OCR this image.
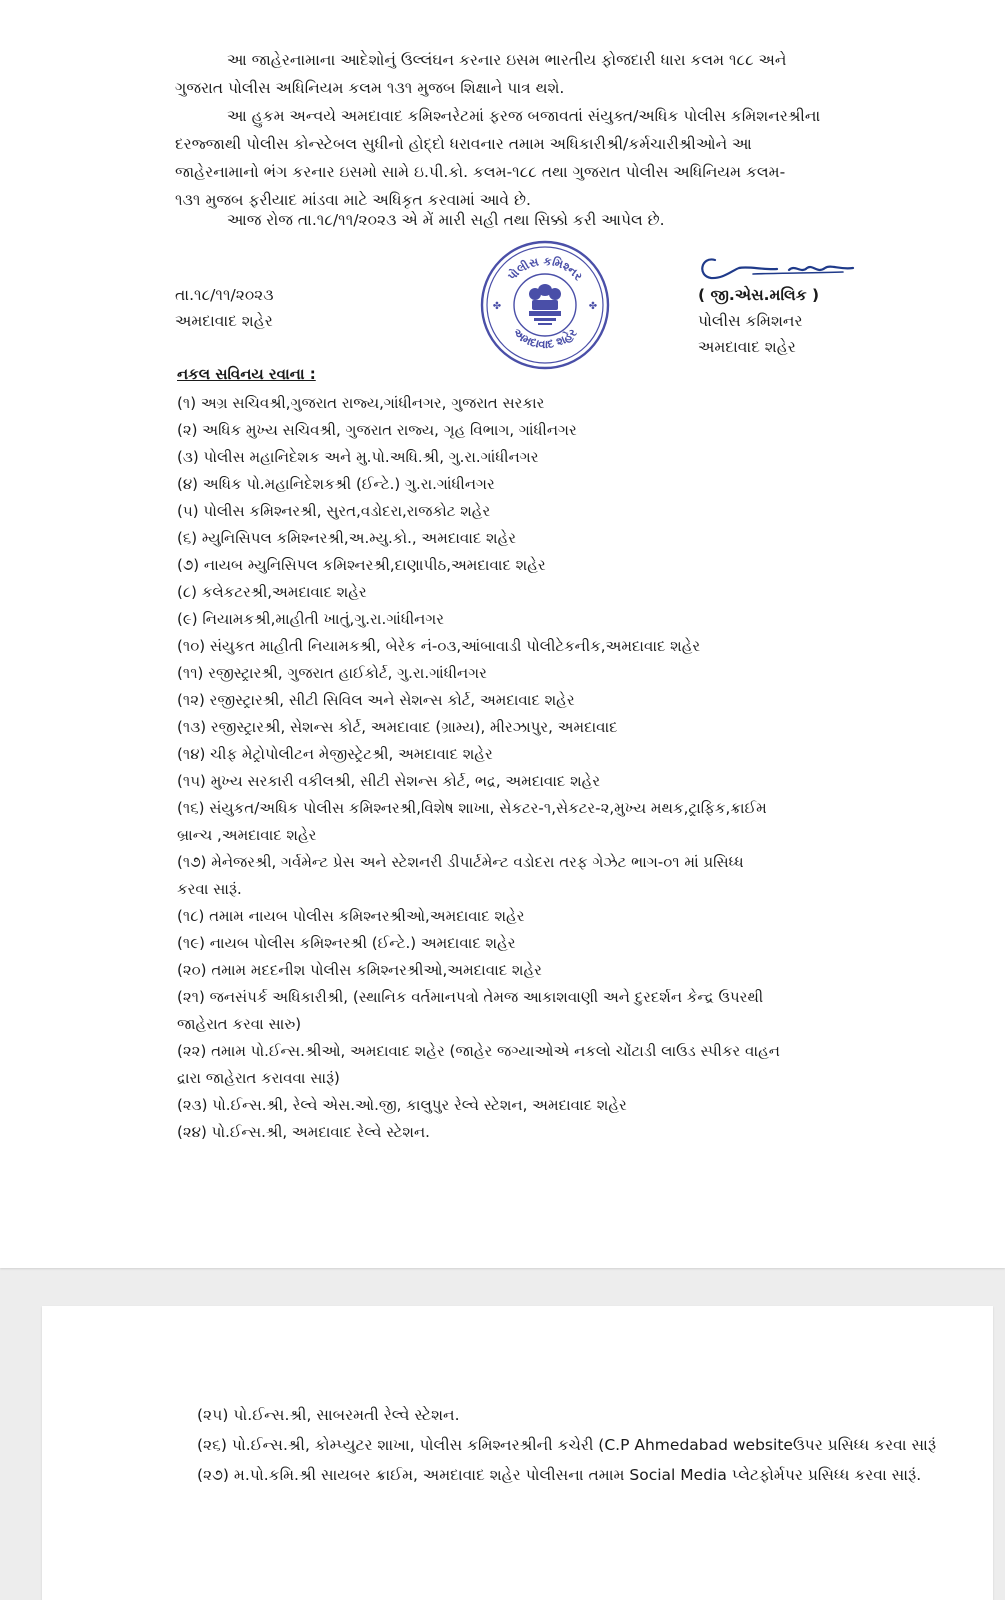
આ જાહેરનામાના આદેશોનું ઉલ્લંઘન કરનાર ઇસમ ભારતીય ફોજદારી ધારા કલમ ૧૮૮ અને

ગુજરાત પોલીસ અધિનિયમ કલમ ૧૩૧ મુજબ શિક્ષાને પાત્ર થશે.

આ હુકમ અન્વયે અમદાવાદ કમિશ્નરેટમાં ફરજ બજાવતાં સંયુક્ત/અધિક પોલીસ કમિશનરશ્રીના

દરજ્જાથી પોલીસ કોન્સ્ટેબલ સુધીનો હોદ્દો ધરાવનાર તમામ અધિકારીશ્રી/કર્મચારીશ્રીઓને આ

જાહેરનામાનો ભંગ કરનાર ઇસમો સામે ઇ.પી.કો. કલમ-૧૮૮ તથા ગુજરાત પોલીસ અધિનિયમ કલમ-

૧૩૧ મુજબ ફરીયાદ માંડવા માટે અધિકૃત કરવામાં આવે છે.

આજ રોજ તા.૧૮/૧૧/૨૦૨૩ એ મેં મારી સહી તથા સિક્કો કરી આપેલ છે.

તા.૧૮/૧૧/૨૦૨૩
અમદાવાદ શહેર
પોલીસ કમિશ્નર
અમદાવાદ શહેર
✤	✤
( જી.એસ.મલિક )
પોલીસ કમિશનર
અમદાવાદ શહેર
નકલ સવિનય રવાના :
(૧) અગ્ર સચિવશ્રી,ગુજરાત રાજ્ય,ગાંધીનગર, ગુજરાત સરકાર
(૨) અધિક મુખ્ય સચિવશ્રી, ગુજરાત રાજ્ય, ગૃહ વિભાગ, ગાંધીનગર
(૩) પોલીસ મહાનિદેશક અને મુ.પો.અધિ.શ્રી, ગુ.રા.ગાંધીનગર
(૪) અધિક પો.મહાનિદેશકશ્રી (ઈન્ટે.) ગુ.રા.ગાંધીનગર
(૫) પોલીસ કમિશ્નરશ્રી, સુરત,વડોદરા,રાજકોટ શહેર
(૬) મ્યુનિસિપલ કમિશ્નરશ્રી,અ.મ્યુ.કો., અમદાવાદ શહેર
(૭) નાયબ મ્યુનિસિપલ કમિશ્નરશ્રી,દાણાપીઠ,અમદાવાદ શહેર
(૮) કલેકટરશ્રી,અમદાવાદ શહેર
(૯) નિયામકશ્રી,માહીતી ખાતું,ગુ.રા.ગાંધીનગર
(૧૦) સંયુકત માહીતી નિયામકશ્રી, બેરેક નં-૦૩,આંબાવાડી પોલીટેકનીક,અમદાવાદ શહેર
(૧૧) રજીસ્ટ્રારશ્રી, ગુજરાત હાઈકોર્ટ, ગુ.રા.ગાંધીનગર
(૧૨) રજીસ્ટ્રારશ્રી, સીટી સિવિલ અને સેશન્સ કોર્ટ, અમદાવાદ શહેર
(૧૩) રજીસ્ટ્રારશ્રી, સેશન્સ કોર્ટ, અમદાવાદ (ગ્રામ્ય), મીરઝાપુર, અમદાવાદ
(૧૪) ચીફ મેટ્રોપોલીટન મેજીસ્ટ્રેટશ્રી, અમદાવાદ શહેર
(૧૫) મુખ્ય સરકારી વકીલશ્રી, સીટી સેશન્સ કોર્ટ, ભદ્ર, અમદાવાદ શહેર
(૧૬) સંયુકત/અધિક પોલીસ કમિશ્નરશ્રી,વિશેષ શાખા, સેકટર-૧,સેકટર-૨,મુખ્ય મથક,ટ્રાફિક,ક્રાઈમ
બ્રાન્ચ ,અમદાવાદ શહેર
(૧૭) મેનેજરશ્રી, ગર્વમેન્ટ પ્રેસ અને સ્ટેશનરી ડીપાર્ટમેન્ટ વડોદરા તરફ ગેઝેટ ભાગ-૦૧ માં પ્રસિધ્ધ
કરવા સારૂં.
(૧૮) તમામ નાયબ પોલીસ કમિશ્નરશ્રીઓ,અમદાવાદ શહેર
(૧૯) નાયબ પોલીસ કમિશ્નરશ્રી (ઈન્ટે.) અમદાવાદ શહેર
(૨૦) તમામ મદદનીશ પોલીસ કમિશ્નરશ્રીઓ,અમદાવાદ શહેર
(૨૧) જનસંપર્ક અધિકારીશ્રી, (સ્થાનિક વર્તમાનપત્રો તેમજ આકાશવાણી અને દુરદર્શન કેન્દ્ર ઉપરથી
જાહેરાત કરવા સારુ)
(૨૨) તમામ પો.ઈન્સ.શ્રીઓ, અમદાવાદ શહેર (જાહેર જગ્યાઓએ નકલો ચોંટાડી લાઉડ સ્પીકર વાહન
દ્રારા જાહેરાત કરાવવા સારૂં)
(૨૩) પો.ઈન્સ.શ્રી, રેલ્વે એસ.ઓ.જી, કાલુપુર રેલ્વે સ્ટેશન, અમદાવાદ શહેર
(૨૪) પો.ઈન્સ.શ્રી, અમદાવાદ રેલ્વે સ્ટેશન.
(૨૫) પો.ઈન્સ.શ્રી, સાબરમતી રેલ્વે સ્ટેશન.
(૨૬) પો.ઈન્સ.શ્રી, કોમ્પ્યુટર શાખા, પોલીસ કમિશ્નરશ્રીની કચેરી (C.P Ahmedabad websiteઉપર પ્રસિધ્ધ કરવા સારૂં
(૨૭) મ.પો.કમિ.શ્રી સાયબર ક્રાઈમ, અમદાવાદ શહેર પોલીસના તમામ Social Media પ્લેટફોર્મપર પ્રસિધ્ધ કરવા સારૂં.
